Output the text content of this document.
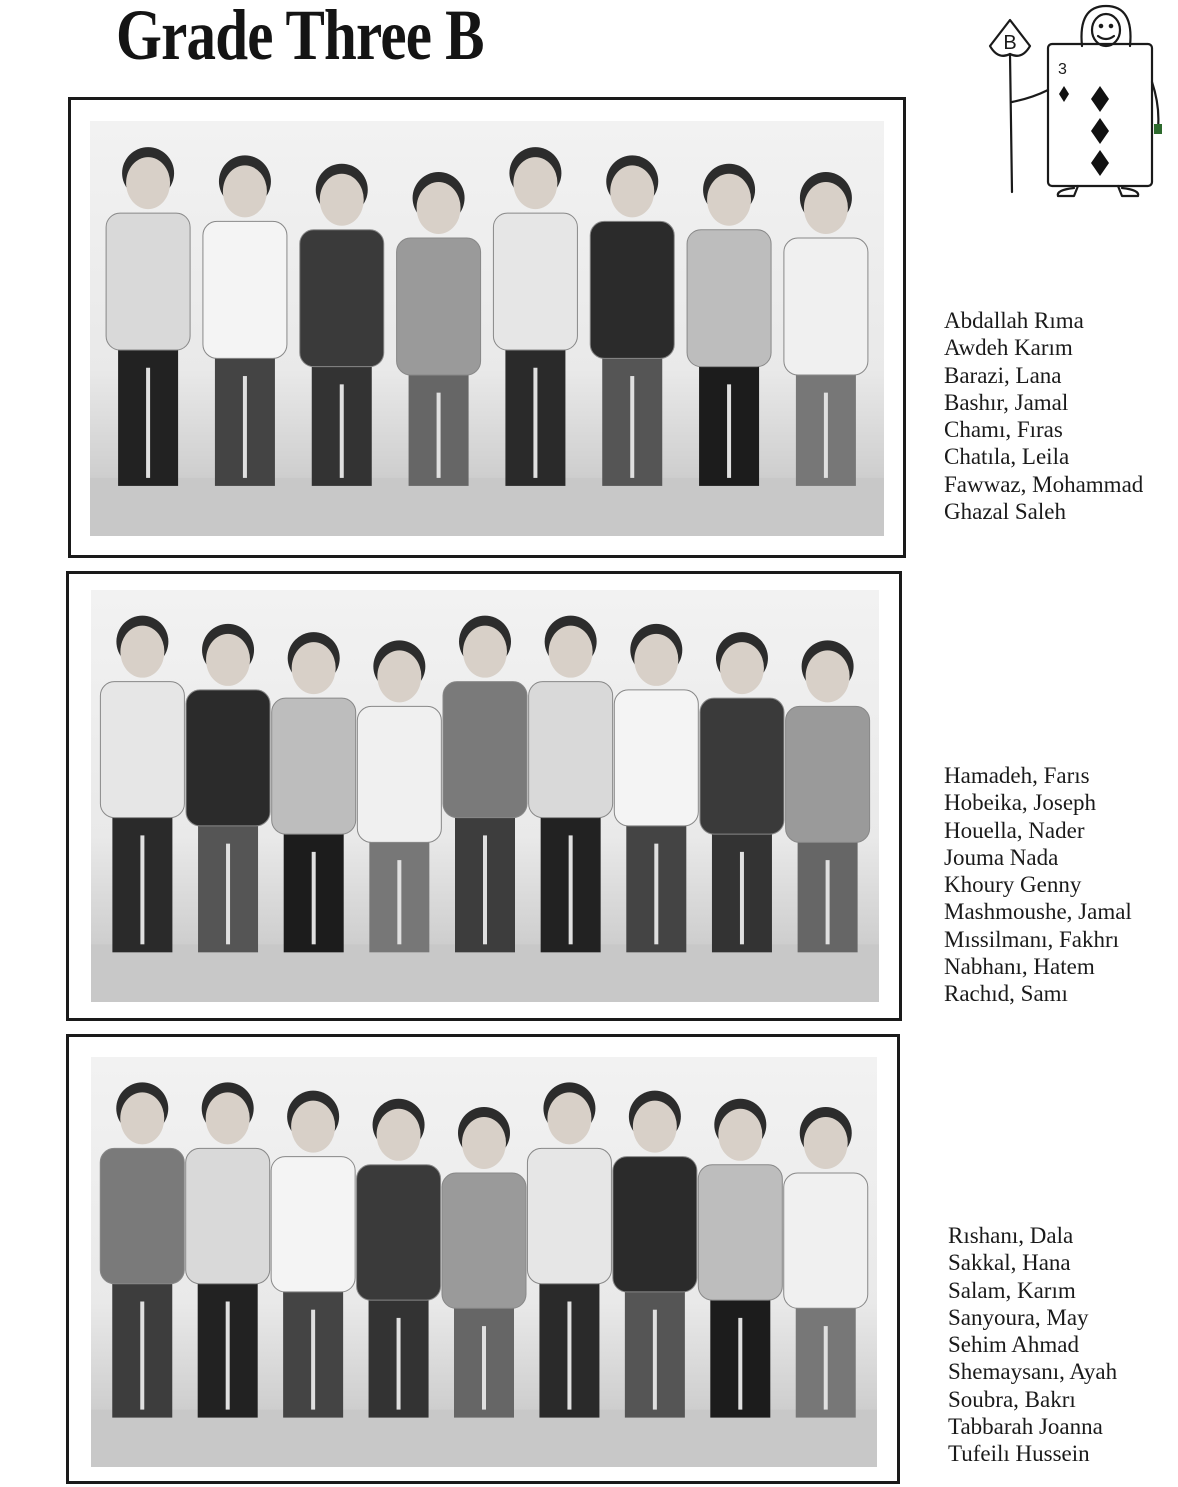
Grade Three B	B
3
Abdallah Rıma
Awdeh Karım
Barazi, Lana
Bashır, Jamal
Chamı, Fıras
Chatıla, Leila
Fawwaz, Mohammad
Ghazal Saleh
Hamadeh, Farıs
Hobeika, Joseph
Houella, Nader
Jouma Nada
Khoury Genny
Mashmoushe, Jamal
Mıssilmanı, Fakhrı
Nabhanı, Hatem
Rachıd, Samı
Rıshanı, Dala
Sakkal, Hana
Salam, Karım
Sanyoura, May
Sehim Ahmad
Shemaysanı, Ayah
Soubra, Bakrı
Tabbarah Joanna
Tufeilı Hussein
